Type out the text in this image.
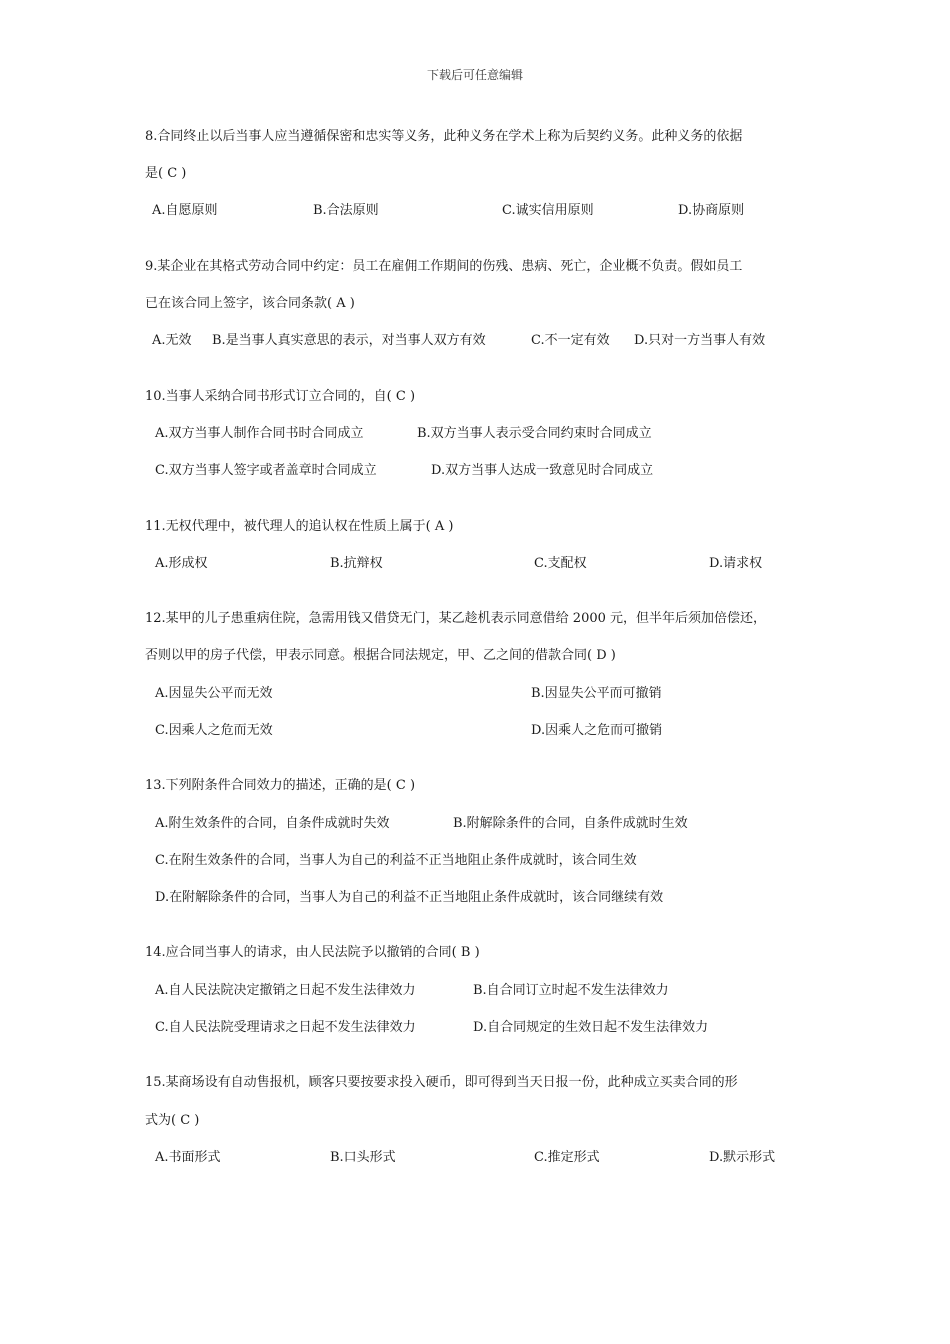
下载后可任意编辑
8.合同终止以后当事人应当遵循保密和忠实等义务，此种义务在学术上称为后契约义务。此种义务的依据
是( C )
A.自愿原则	B.合法原则	C.诚实信用原则	D.协商原则
9.某企业在其格式劳动合同中约定：员工在雇佣工作期间的伤残、患病、死亡，企业概不负责。假如员工
已在该合同上签字，该合同条款( A )
A.无效 B.是当事人真实意思的表示，对当事人双方有效	C.不一定有效 D.只对一方当事人有效
10.当事人采纳合同书形式订立合同的，自( C )
A.双方当事人制作合同书时合同成立	B.双方当事人表示受合同约束时合同成立
C.双方当事人签字或者盖章时合同成立	D.双方当事人达成一致意见时合同成立
11.无权代理中，被代理人的追认权在性质上属于( A )
A.形成权	B.抗辩权	C.支配权	D.请求权
12.某甲的儿子患重病住院，急需用钱又借贷无门，某乙趁机表示同意借给 2000 元，但半年后须加倍偿还，
否则以甲的房子代偿，甲表示同意。根据合同法规定，甲、乙之间的借款合同( D )
A.因显失公平而无效	B.因显失公平而可撤销
C.因乘人之危而无效	D.因乘人之危而可撤销
13.下列附条件合同效力的描述，正确的是( C )
A.附生效条件的合同，自条件成就时失效	B.附解除条件的合同，自条件成就时生效
C.在附生效条件的合同，当事人为自己的利益不正当地阻止条件成就时，该合同生效
D.在附解除条件的合同，当事人为自己的利益不正当地阻止条件成就时，该合同继续有效
14.应合同当事人的请求，由人民法院予以撤销的合同( B )
A.自人民法院决定撤销之日起不发生法律效力	B.自合同订立时起不发生法律效力
C.自人民法院受理请求之日起不发生法律效力	D.自合同规定的生效日起不发生法律效力
15.某商场设有自动售报机，顾客只要按要求投入硬币，即可得到当天日报一份，此种成立买卖合同的形
式为( C )
A.书面形式	B.口头形式	C.推定形式	D.默示形式
